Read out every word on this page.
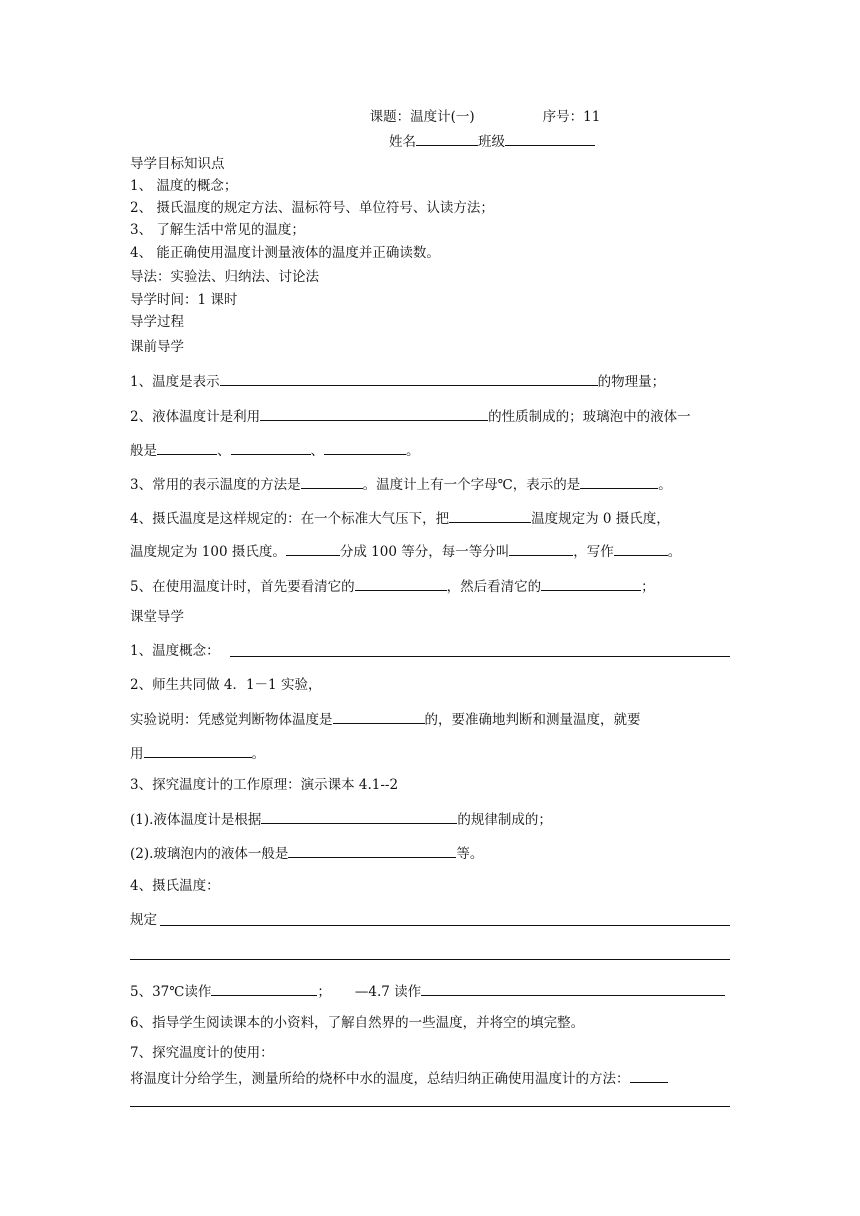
课题：温度计(一)	序号：11
姓名	班级
导学目标知识点
1、 温度的概念；
2、 摄氏温度的规定方法、温标符号、单位符号、认读方法；
3、 了解生活中常见的温度；
4、 能正确使用温度计测量液体的温度并正确读数。
导法：实验法、归纳法、讨论法
导学时间：1 课时
导学过程
课前导学
1、温度是表示	的物理量；
2、液体温度计是利用	的性质制成的；玻璃泡中的液体一
般是	、	、	。
3、常用的表示温度的方法是	。温度计上有一个字母℃，表示的是	。
4、摄氏温度是这样规定的：在一个标准大气压下，把	温度规定为 0 摄氏度，
温度规定为 100 摄氏度。	分成 100 等分，每一等分叫	，写作	。
5、在使用温度计时，首先要看清它的	，然后看清它的	；
课堂导学
1、温度概念：
2、师生共同做 4．1－1 实验，
实验说明：凭感觉判断物体温度是	的，要准确地判断和测量温度，就要
用	。
3、探究温度计的工作原理：演示课本 4.1--2
(1).液体温度计是根据	的规律制成的；
(2).玻璃泡内的液体一般是	等。
4、摄氏温度：
规定
5、37℃读作	； —4.7 读作
6、指导学生阅读课本的小资料，了解自然界的一些温度，并将空的填完整。
7、探究温度计的使用：
将温度计分给学生，测量所给的烧杯中水的温度，总结归纳正确使用温度计的方法：
